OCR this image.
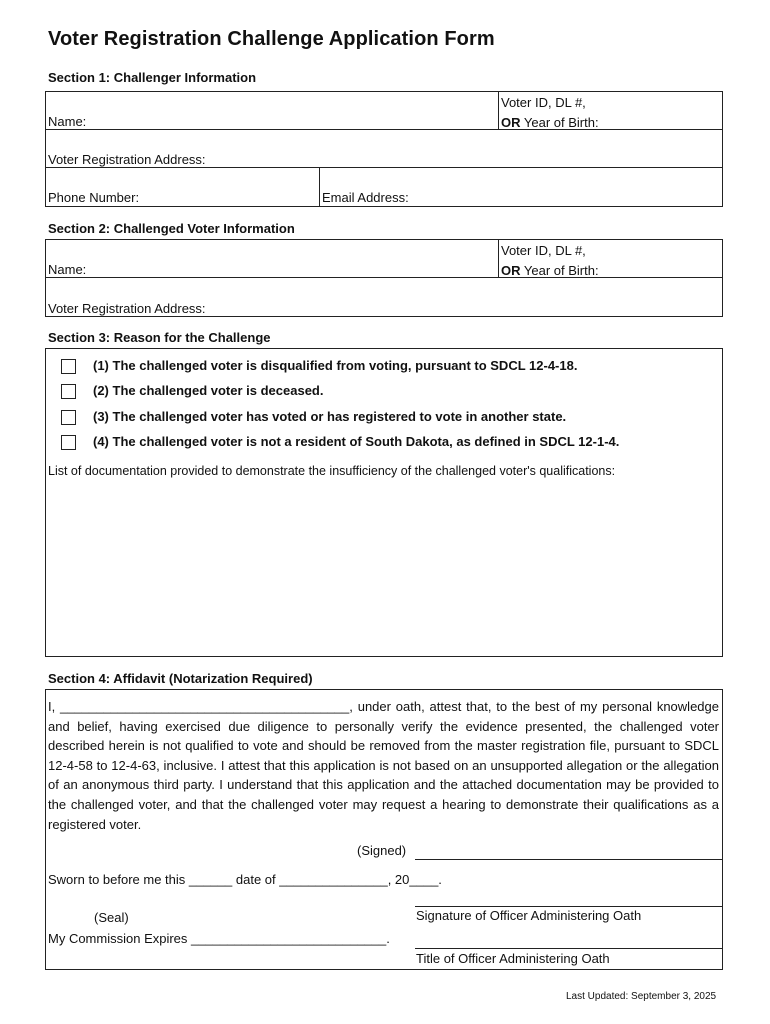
Voter Registration Challenge Application Form
Section 1: Challenger Information
Name:
Voter ID, DL #,
OR Year of Birth:
Voter Registration Address:
Phone Number:	Email Address:
Section 2: Challenged Voter Information
Name:
Voter ID, DL #,
OR Year of Birth:
Voter Registration Address:
Section 3: Reason for the Challenge
(1) The challenged voter is disqualified from voting, pursuant to SDCL 12-4-18.
(2) The challenged voter is deceased.
(3) The challenged voter has voted or has registered to vote in another state.
(4) The challenged voter is not a resident of South Dakota, as defined in SDCL 12-1-4.
List of documentation provided to demonstrate the insufficiency of the challenged voter's qualifications:
Section 4: Affidavit (Notarization Required)
I, ________________________________________, under oath, attest that, to the best of my personal knowledge and belief, having exercised due diligence to personally verify the evidence presented, the challenged voter described herein is not qualified to vote and should be removed from the master registration file, pursuant to SDCL 12-4-58 to 12-4-63, inclusive. I attest that this application is not based on an unsupported allegation or the allegation of an anonymous third party. I understand that this application and the attached documentation may be provided to the challenged voter, and that the challenged voter may request a hearing to demonstrate their qualifications as a registered voter.
(Signed)
Sworn to before me this ______ date of _______________, 20____.
Signature of Officer Administering Oath
(Seal)
My Commission Expires ___________________________.
Title of Officer Administering Oath
Last Updated: September 3, 2025
